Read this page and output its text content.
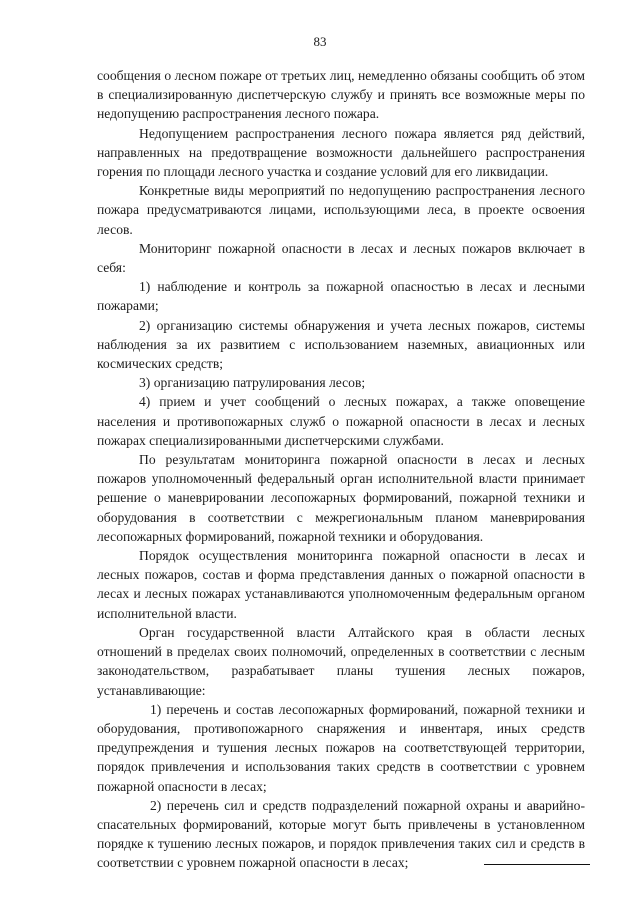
83

сообщения о лесном пожаре от третьих лиц, немедленно обязаны сообщить об этом в специализированную диспетчерскую службу и принять все возможные меры по недопущению распространения лесного пожара.

Недопущением распространения лесного пожара является ряд действий, направленных на предотвращение возможности дальнейшего распространения горения по площади лесного участка и создание условий для его ликвидации.

Конкретные виды мероприятий по недопущению распространения лесного пожара предусматриваются лицами, использующими леса, в проекте освоения лесов.

Мониторинг пожарной опасности в лесах и лесных пожаров включает в себя:

1) наблюдение и контроль за пожарной опасностью в лесах и лесными пожарами;

2) организацию системы обнаружения и учета лесных пожаров, системы наблюдения за их развитием с использованием наземных, авиационных или космических средств;

3) организацию патрулирования лесов;

4) прием и учет сообщений о лесных пожарах, а также оповещение населения и противопожарных служб о пожарной опасности в лесах и лесных пожарах специализированными диспетчерскими службами.

По результатам мониторинга пожарной опасности в лесах и лесных пожаров уполномоченный федеральный орган исполнительной власти принимает решение о маневрировании лесопожарных формирований, пожарной техники и оборудования в соответствии с межрегиональным планом маневрирования лесопожарных формирований, пожарной техники и оборудования.

Порядок осуществления мониторинга пожарной опасности в лесах и лесных пожаров, состав и форма представления данных о пожарной опасности в лесах и лесных пожарах устанавливаются уполномоченным федеральным органом исполнительной власти.

Орган государственной власти Алтайского края в области лесных отношений в пределах своих полномочий, определенных в соответствии с лесным законодательством, разрабатывает планы тушения лесных пожаров, устанавливающие:

1) перечень и состав лесопожарных формирований, пожарной техники и оборудования, противопожарного снаряжения и инвентаря, иных средств предупреждения и тушения лесных пожаров на соответствующей территории, порядок привлечения и использования таких средств в соответствии с уровнем пожарной опасности в лесах;

2) перечень сил и средств подразделений пожарной охраны и аварийно-спасательных формирований, которые могут быть привлечены в установленном порядке к тушению лесных пожаров, и порядок привлечения таких сил и средств в соответствии с уровнем пожарной опасности в лесах;
